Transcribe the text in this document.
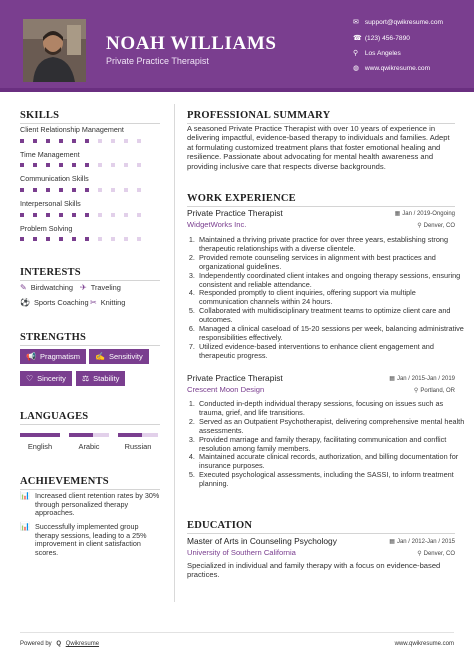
NOAH WILLIAMS
Private Practice Therapist
✉ support@qwikresume.com
☎ (123) 456-7890
⚲ Los Angeles
◍ www.qwikresume.com
SKILLS
Client Relationship Management
Time Management
Communication Skills
Interpersonal Skills
Problem Solving
INTERESTS
✎ Birdwatching ✈ Traveling
⚽ Sports Coaching ✂ Knitting
STRENGTHS
📢 Pragmatism	✍ Sensitivity
♡ Sincerity	⚖ Stability
LANGUAGES
English	Arabic	Russian
ACHIEVEMENTS
📊 Increased client retention rates by 30% through personalized therapy approaches.
📊 Successfully implemented group therapy sessions, leading to a 25% improvement in client satisfaction scores.
PROFESSIONAL SUMMARY
A seasoned Private Practice Therapist with over 10 years of experience in delivering impactful, evidence-based therapy to individuals and families. Adept at formulating customized treatment plans that foster emotional healing and resilience. Passionate about advocating for mental health awareness and providing inclusive care that respects diverse backgrounds.
WORK EXPERIENCE
Private Practice Therapist	▦ Jan / 2019-Ongoing
WidgetWorks Inc.	⚲ Denver, CO
1. Maintained a thriving private practice for over three years, establishing strong therapeutic relationships with a diverse clientele.
2. Provided remote counseling services in alignment with best practices and organizational guidelines.
3. Independently coordinated client intakes and ongoing therapy sessions, ensuring consistent and reliable attendance.
4. Responded promptly to client inquiries, offering support via multiple communication channels within 24 hours.
5. Collaborated with multidisciplinary treatment teams to optimize client care and outcomes.
6. Managed a clinical caseload of 15-20 sessions per week, balancing administrative responsibilities effectively.
7. Utilized evidence-based interventions to enhance client engagement and therapeutic progress.
Private Practice Therapist	▦ Jan / 2015-Jan / 2019
Crescent Moon Design	⚲ Portland, OR
1. Conducted in-depth individual therapy sessions, focusing on issues such as trauma, grief, and life transitions.
2. Served as an Outpatient Psychotherapist, delivering comprehensive mental health assessments.
3. Provided marriage and family therapy, facilitating communication and conflict resolution among family members.
4. Maintained accurate clinical records, authorization, and billing documentation for insurance purposes.
5. Executed psychological assessments, including the SASSI, to inform treatment planning.
EDUCATION
Master of Arts in Counseling Psychology	▦ Jan / 2012-Jan / 2015
University of Southern California	⚲ Denver, CO
Specialized in individual and family therapy with a focus on evidence-based practices.
Powered by Q Qwikresume	www.qwikresume.com
